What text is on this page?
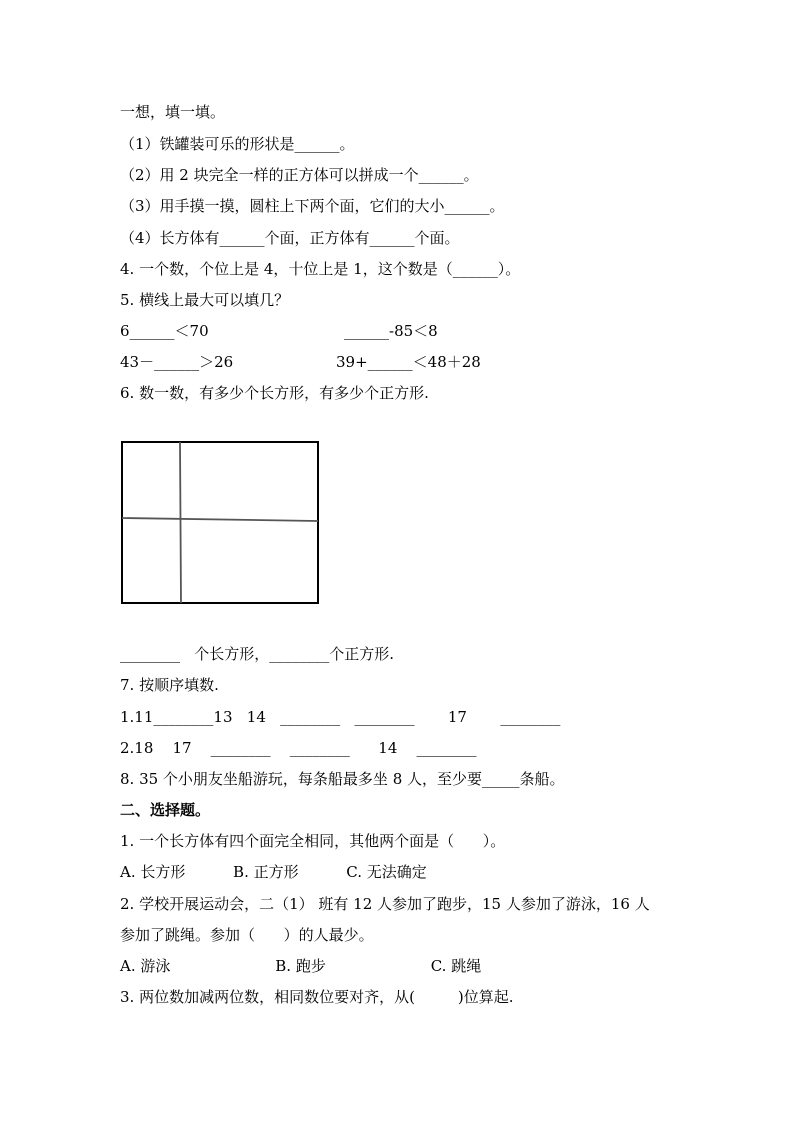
一想，填一填。
（1）铁罐装可乐的形状是______。
（2）用 2 块完全一样的正方体可以拼成一个______。
（3）用手摸一摸，圆柱上下两个面，它们的大小______。
（4）长方体有______个面，正方体有______个面。
4. 一个数，个位上是 4，十位上是 1，这个数是（______）。
5. 横线上最大可以填几？
6______＜70	______-85＜8
43－______＞26	39+______＜48＋28
6. 数一数，有多少个长方形，有多少个正方形.
________   个长方形，________个正方形.
7. 按顺序填数.
1.11________13   14   ________   ________       17       ________
2.18    17    ________    ________      14    ________
8. 35 个小朋友坐船游玩，每条船最多坐 8 人，至少要_____条船。
二、选择题。
1. 一个长方体有四个面完全相同，其他两个面是（      ）。
A. 长方形          B. 正方形          C. 无法确定
2. 学校开展运动会，二（1） 班有 12 人参加了跑步，15 人参加了游泳，16 人
参加了跳绳。参加（      ）的人最少。
A. 游泳                      B. 跑步                      C. 跳绳
3. 两位数加减两位数，相同数位要对齐，从(         )位算起.
